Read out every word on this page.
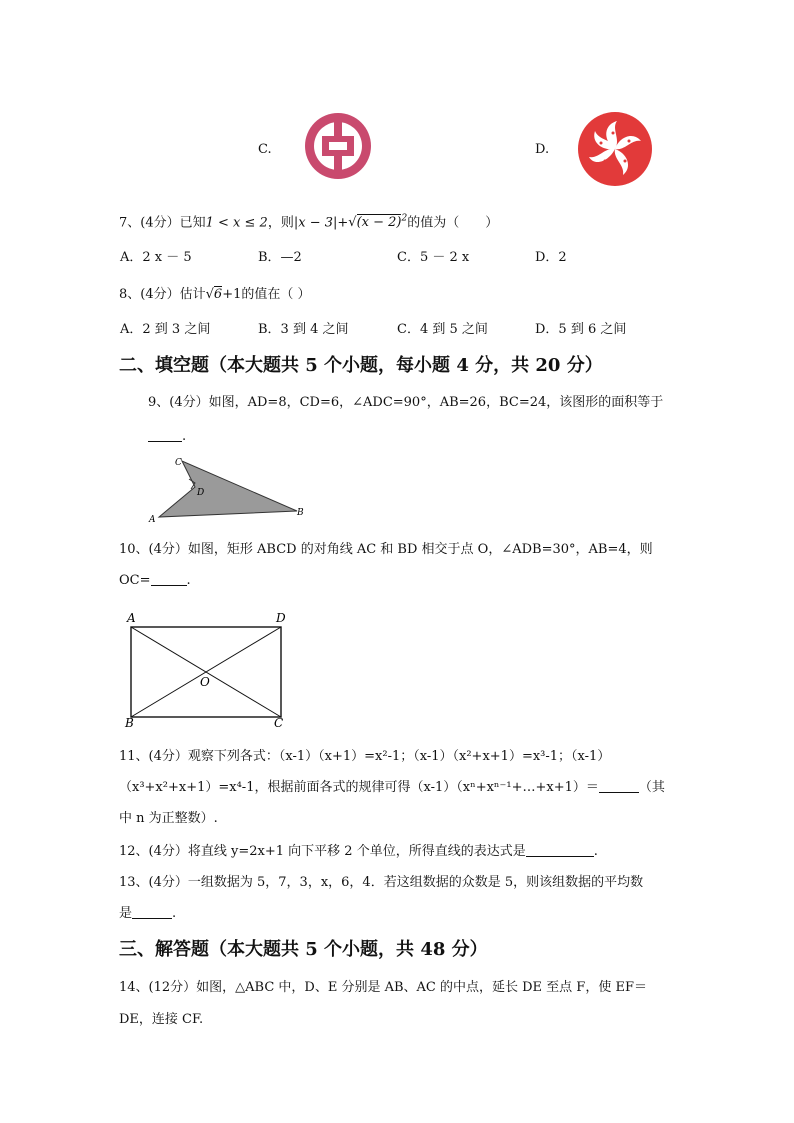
C.	D.
7、(4分）已知1 < x ≤ 2，则$|x - 3|+√(x - 2)^2$的值为（　　）
A．2 x － 5	B．—2	C．5 － 2 x	D．2
8、(4分）估计√6+1的值在（ ）
A．2 到 3 之间	B．3 到 4 之间	C．4 到 5 之间	D．5 到 6 之间
二、填空题（本大题共 5 个小题，每小题 4 分，共 20 分）
9、(4分）如图，AD=8，CD=6，∠ADC=90°，AB=26，BC=24，该图形的面积等于
.
C
D
A
B
10、(4分）如图，矩形 ABCD 的对角线 AC 和 BD 相交于点 O，∠ADB=30°，AB=4，则
OC=	.
A	D
O
B	C
11、(4分）观察下列各式：（x-1）（x+1）=x²-1；（x-1）（x²+x+1）=x³-1；（x-1）
（x³+x²+x+1）=x⁴-1，根据前面各式的规律可得（x-1）（xⁿ+xⁿ⁻¹+…+x+1）＝	（其
中 n 为正整数）.
12、(4分）将直线 y=2x+1 向下平移 2 个单位，所得直线的表达式是	.
13、(4分）一组数据为 5，7，3，x，6，4．若这组数据的众数是 5，则该组数据的平均数
是	.
三、解答题（本大题共 5 个小题，共 48 分）
14、(12分）如图，△ABC 中，D、E 分别是 AB、AC 的中点，延长 DE 至点 F，使 EF＝
DE，连接 CF.
